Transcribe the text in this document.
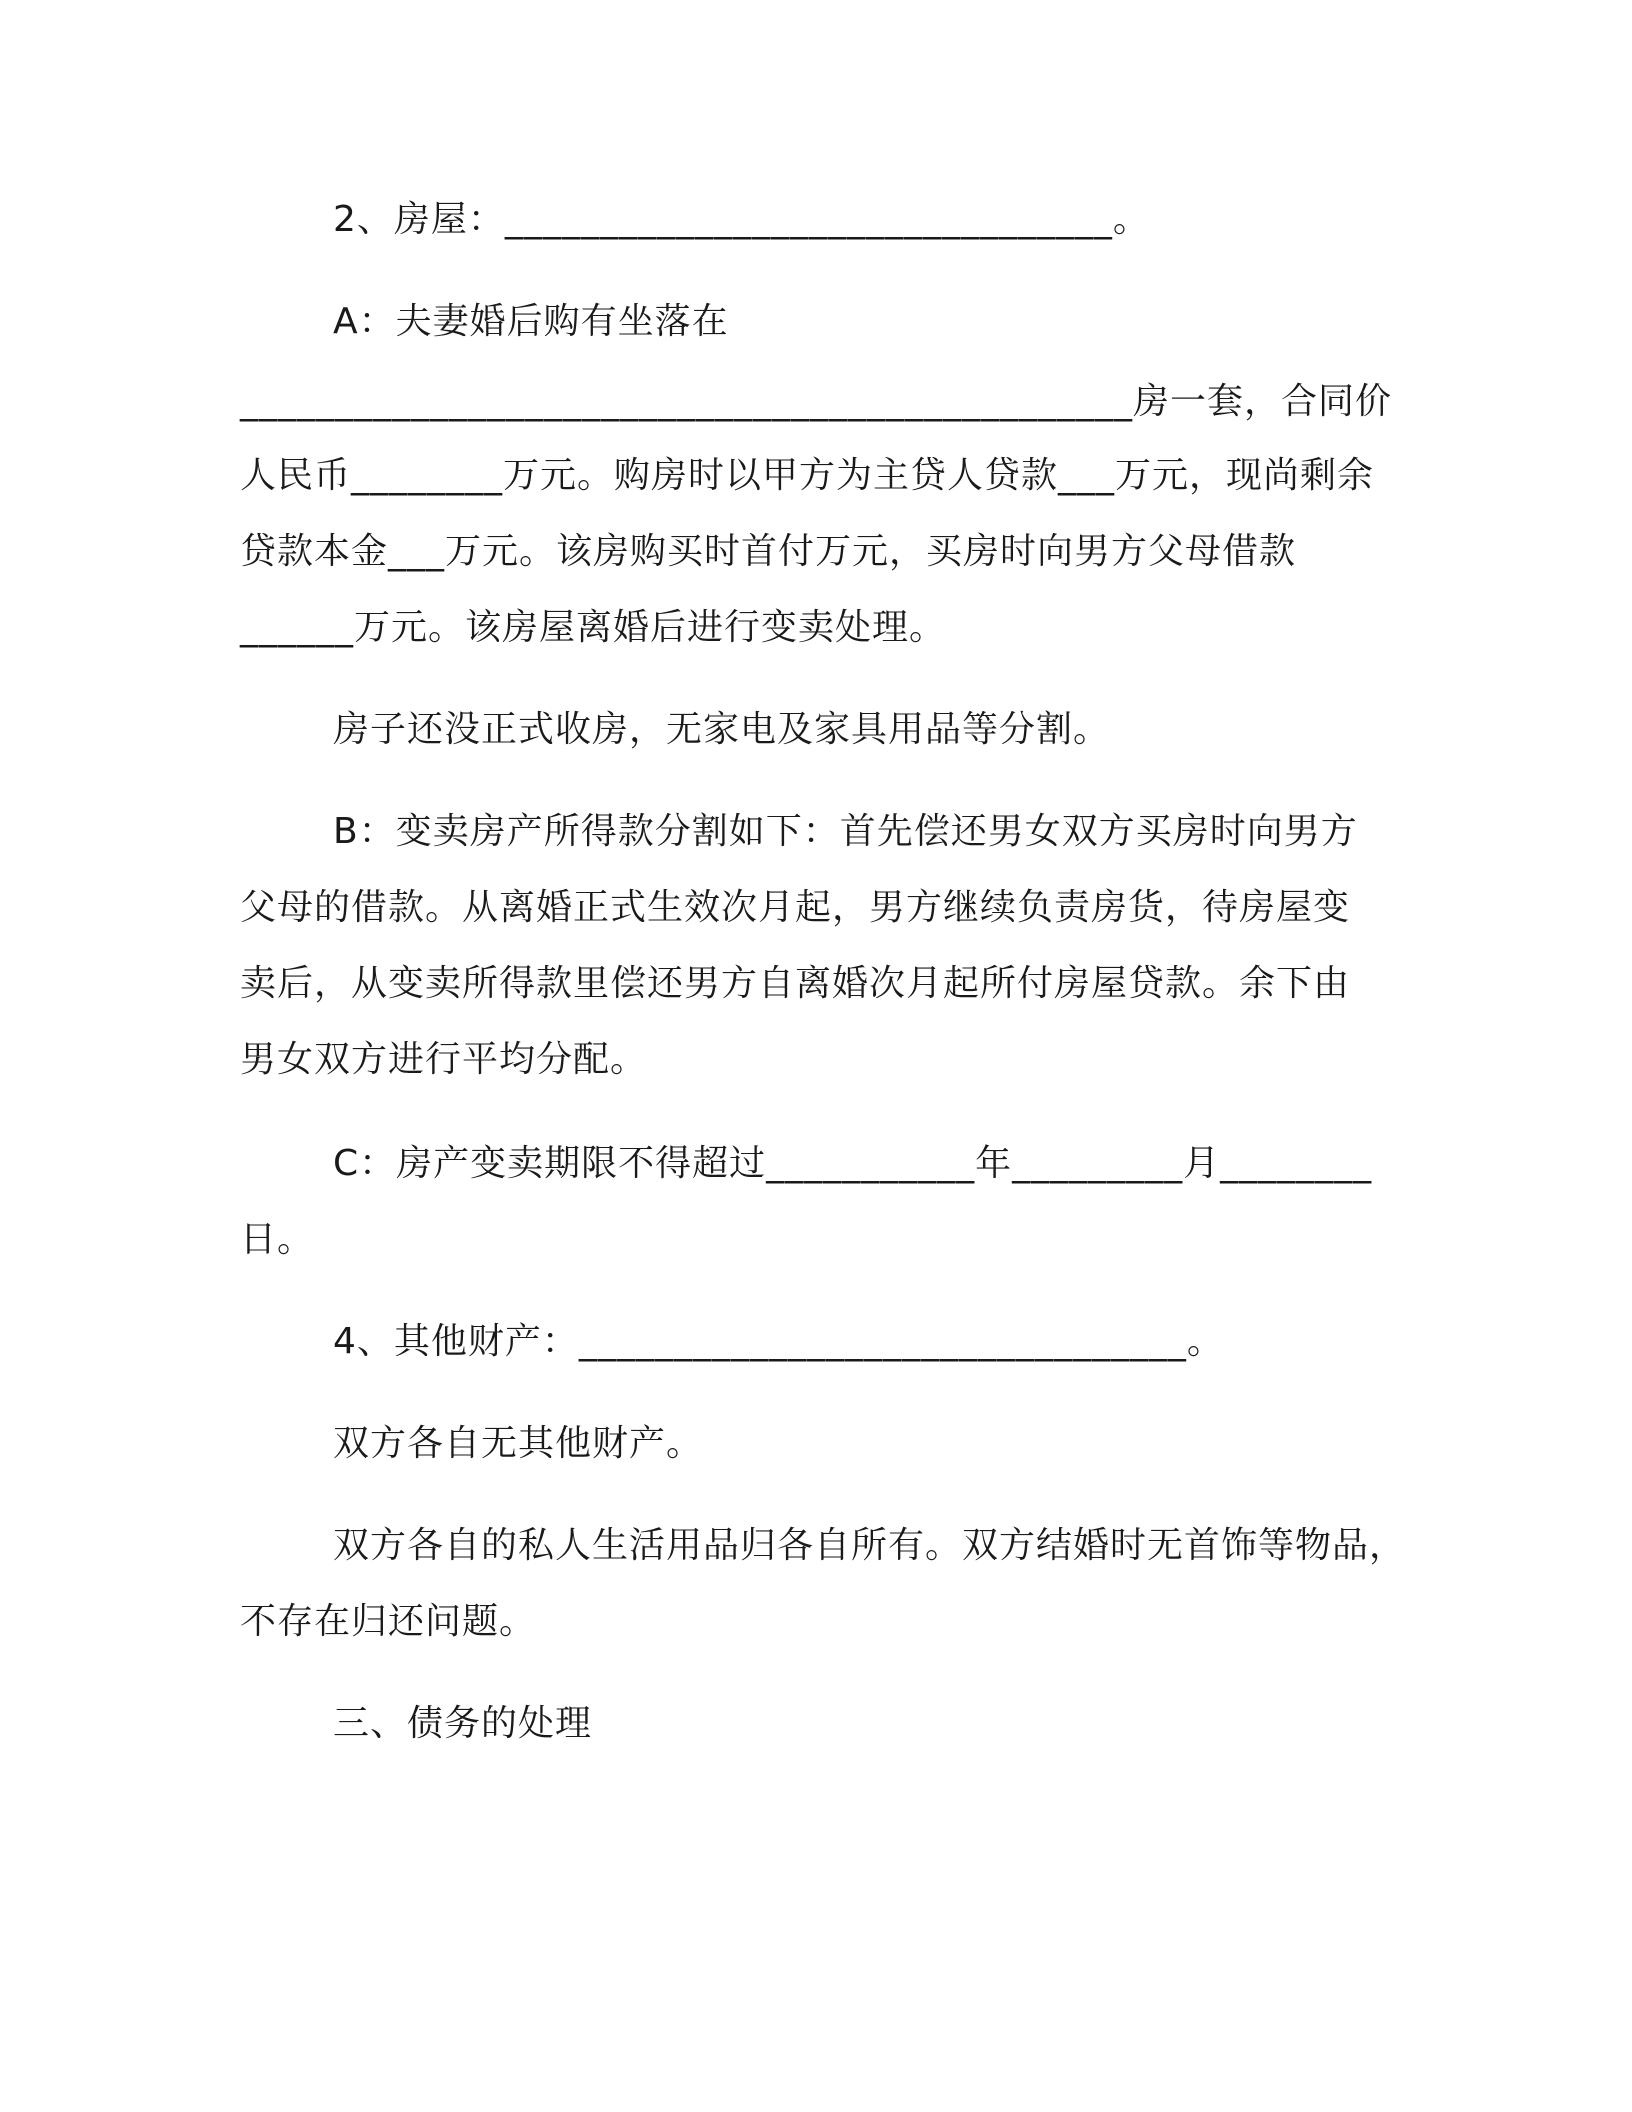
2、房屋：________________________________。
A：夫妻婚后购有坐落在
_______________________________________________房一套，合同价
人民币________万元。购房时以甲方为主贷人贷款___万元，现尚剩余
贷款本金___万元。该房购买时首付万元，买房时向男方父母借款
______万元。该房屋离婚后进行变卖处理。
房子还没正式收房，无家电及家具用品等分割。
B：变卖房产所得款分割如下：首先偿还男女双方买房时向男方
父母的借款。从离婚正式生效次月起，男方继续负责房货，待房屋变
卖后，从变卖所得款里偿还男方自离婚次月起所付房屋贷款。余下由
男女双方进行平均分配。
C：房产变卖期限不得超过___________年_________月________
日。
4、其他财产：________________________________。
双方各自无其他财产。
双方各自的私人生活用品归各自所有。双方结婚时无首饰等物品，
不存在归还问题。
三、债务的处理
